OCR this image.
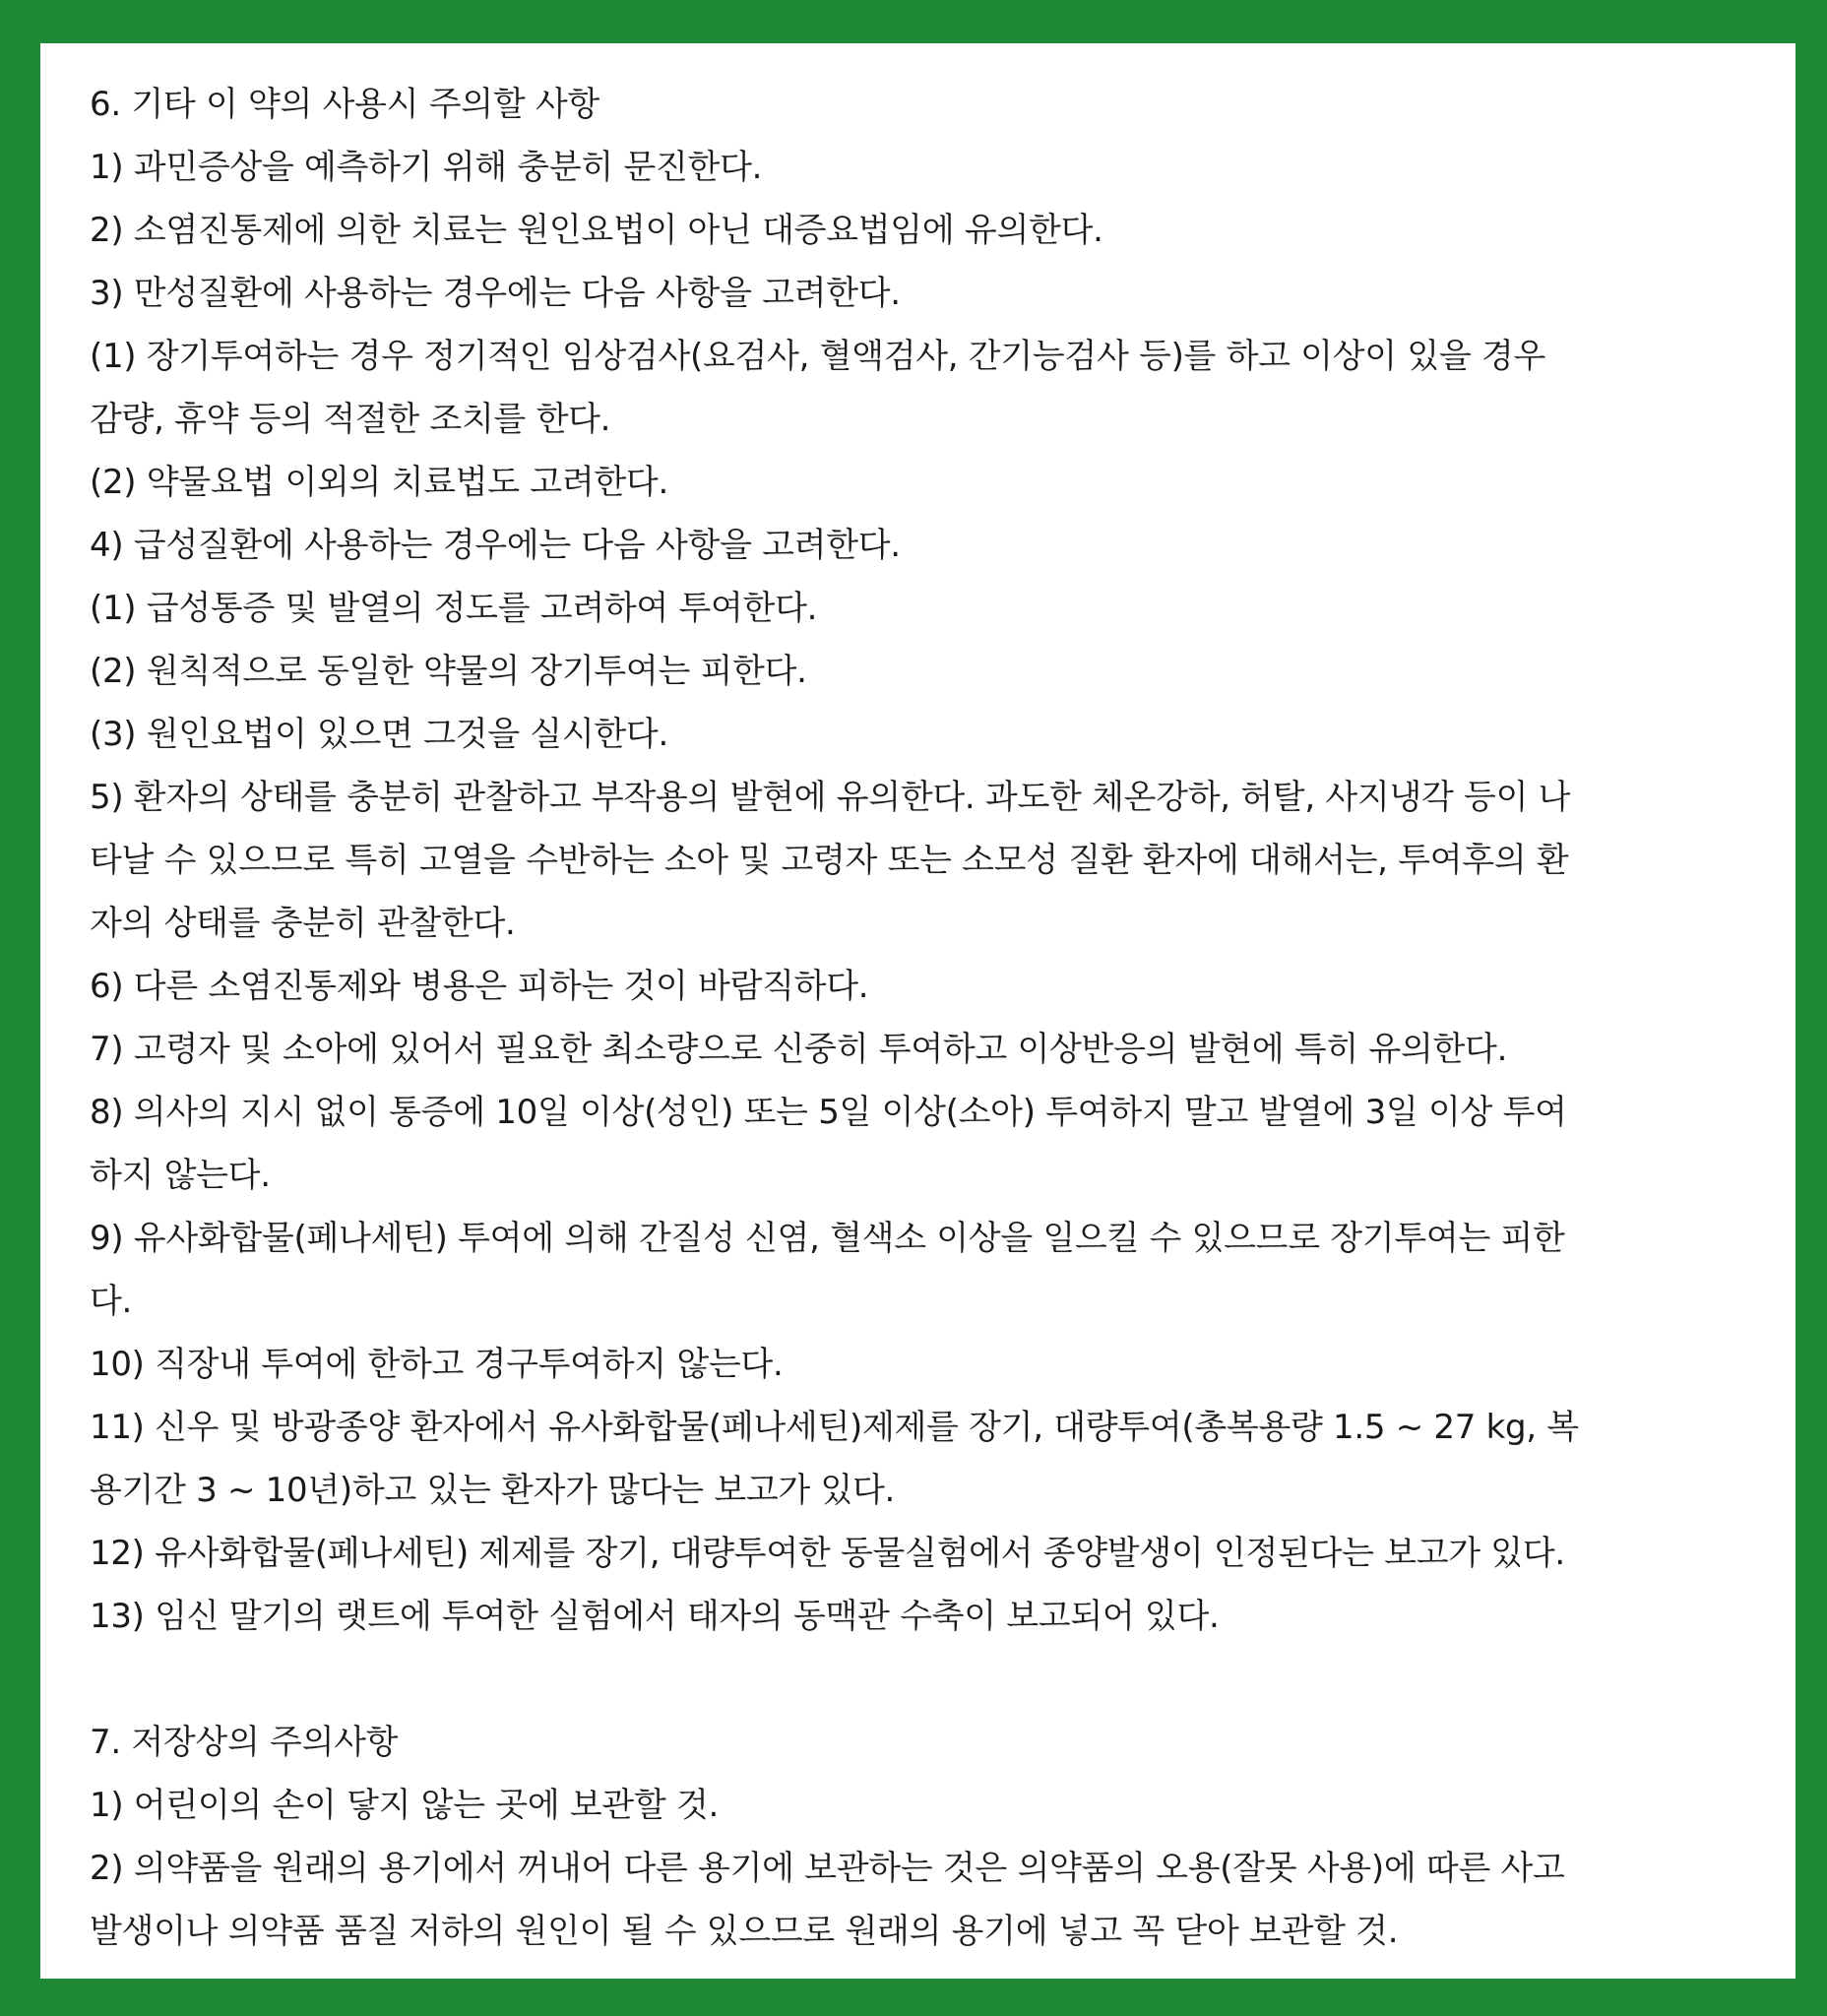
6. 기타 이 약의 사용시 주의할 사항
1) 과민증상을 예측하기 위해 충분히 문진한다.
2) 소염진통제에 의한 치료는 원인요법이 아닌 대증요법임에 유의한다.
3) 만성질환에 사용하는 경우에는 다음 사항을 고려한다.
(1) 장기투여하는 경우 정기적인 임상검사(요검사, 혈액검사, 간기능검사 등)를 하고 이상이 있을 경우
감량, 휴약 등의 적절한 조치를 한다.
(2) 약물요법 이외의 치료법도 고려한다.
4) 급성질환에 사용하는 경우에는 다음 사항을 고려한다.
(1) 급성통증 및 발열의 정도를 고려하여 투여한다.
(2) 원칙적으로 동일한 약물의 장기투여는 피한다.
(3) 원인요법이 있으면 그것을 실시한다.
5) 환자의 상태를 충분히 관찰하고 부작용의 발현에 유의한다. 과도한 체온강하, 허탈, 사지냉각 등이 나
타날 수 있으므로 특히 고열을 수반하는 소아 및 고령자 또는 소모성 질환 환자에 대해서는, 투여후의 환
자의 상태를 충분히 관찰한다.
6) 다른 소염진통제와 병용은 피하는 것이 바람직하다.
7) 고령자 및 소아에 있어서 필요한 최소량으로 신중히 투여하고 이상반응의 발현에 특히 유의한다.
8) 의사의 지시 없이 통증에 10일 이상(성인) 또는 5일 이상(소아) 투여하지 말고 발열에 3일 이상 투여
하지 않는다.
9) 유사화합물(페나세틴) 투여에 의해 간질성 신염, 혈색소 이상을 일으킬 수 있으므로 장기투여는 피한
다.
10) 직장내 투여에 한하고 경구투여하지 않는다.
11) 신우 및 방광종양 환자에서 유사화합물(페나세틴)제제를 장기, 대량투여(총복용량 1.5 ~ 27 kg, 복
용기간 3 ~ 10년)하고 있는 환자가 많다는 보고가 있다.
12) 유사화합물(페나세틴) 제제를 장기, 대량투여한 동물실험에서 종양발생이 인정된다는 보고가 있다.
13) 임신 말기의 랫트에 투여한 실험에서 태자의 동맥관 수축이 보고되어 있다.
7. 저장상의 주의사항
1) 어린이의 손이 닿지 않는 곳에 보관할 것.
2) 의약품을 원래의 용기에서 꺼내어 다른 용기에 보관하는 것은 의약품의 오용(잘못 사용)에 따른 사고
발생이나 의약품 품질 저하의 원인이 될 수 있으므로 원래의 용기에 넣고 꼭 닫아 보관할 것.
